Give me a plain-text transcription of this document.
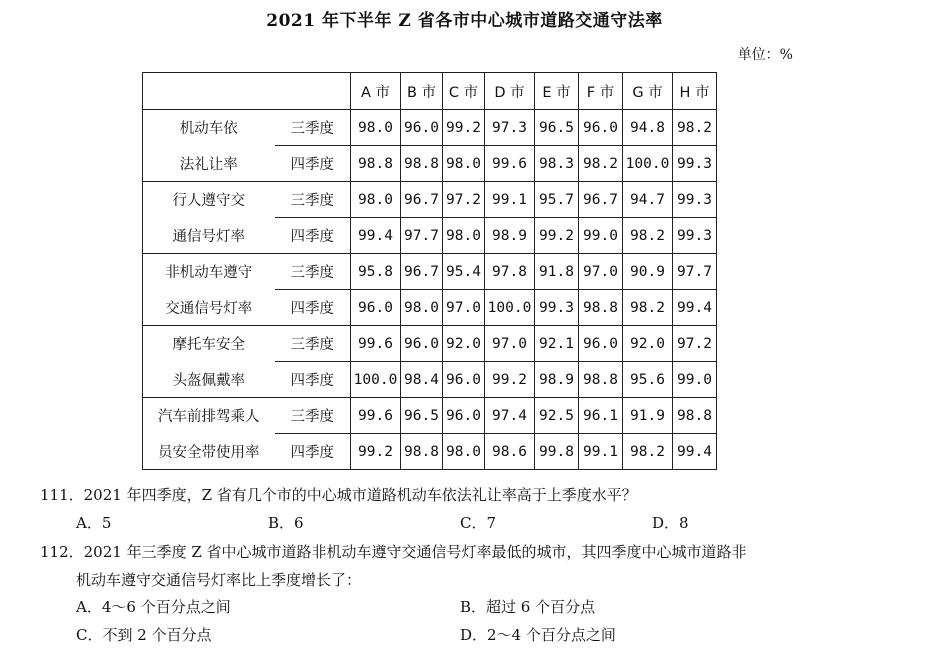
2021 年下半年 Z 省各市中心城市道路交通守法率
单位：%
		A 市	B 市	C 市	D 市	E 市	F 市	G 市	H 市
机动车依	三季度	98.0	96.0	99.2	97.3	96.5	96.0	94.8	98.2
法礼让率	四季度	98.8	98.8	98.0	99.6	98.3	98.2	100.0	99.3
行人遵守交	三季度	98.0	96.7	97.2	99.1	95.7	96.7	94.7	99.3
通信号灯率	四季度	99.4	97.7	98.0	98.9	99.2	99.0	98.2	99.3
非机动车遵守	三季度	95.8	96.7	95.4	97.8	91.8	97.0	90.9	97.7
交通信号灯率	四季度	96.0	98.0	97.0	100.0	99.3	98.8	98.2	99.4
摩托车安全	三季度	99.6	96.0	92.0	97.0	92.1	96.0	92.0	97.2
头盔佩戴率	四季度	100.0	98.4	96.0	99.2	98.9	98.8	95.6	99.0
汽车前排驾乘人	三季度	99.6	96.5	96.0	97.4	92.5	96.1	91.9	98.8
员安全带使用率	四季度	99.2	98.8	98.0	98.6	99.8	99.1	98.2	99.4
111．2021 年四季度，Z 省有几个市的中心城市道路机动车依法礼让率高于上季度水平？
A．5	B．6	C．7	D．8
112．2021 年三季度 Z 省中心城市道路非机动车遵守交通信号灯率最低的城市，其四季度中心城市道路非
机动车遵守交通信号灯率比上季度增长了：
A．4～6 个百分点之间	B．超过 6 个百分点
C．不到 2 个百分点	D．2～4 个百分点之间
